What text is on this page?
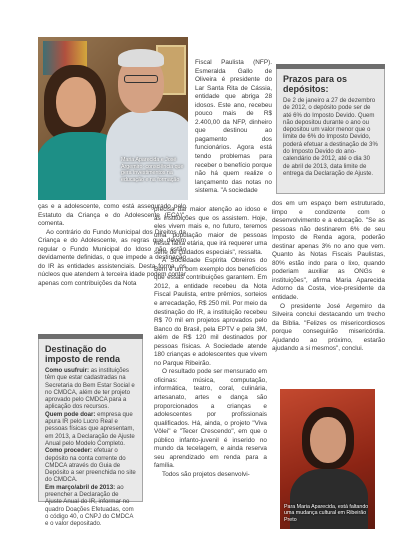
Maria Aparecida e José Argemiro: consciência que gera investimentos na educação e na formação

Fiscal Paulista (NFP). Esmeralda Gallo de Oliveira é presidente do Lar Santa Rita de Cássia, entidade que abriga 28 idosos. Este ano, recebeu pouco mais de R$ 2.400,00 da NFP, dinheiro que destinou ao pagamento dos funcionários. Agora está tendo problemas para receber o benefício porque não há quem realize o lançamento das notas no sistema. "A sociedade

Prazos para os depósitos:
De 2 de janeiro a 27 de dezembro de 2012, o depósito pode ser de até 6% do Imposto Devido. Quem não depositou durante o ano ou depositou um valor menor que o limite de 6% do Imposto Devido, poderá efetuar a destinação de 3% do Imposto Devido do ano-calendário de 2012, até o dia 30 de abril de 2013, data limite de entrega da Declaração de Ajuste.

ças e a adolescente, como está assegurado pelo Estatuto da Criança e do Adolescente (ECA)", comenta.

Ao contrário do Fundo Municipal dos Direitos da Criança e do Adolescente, as regras que devem regular o Fundo Municipal do Idoso não estão devidamente definidas, o que impede a destinação do IR às entidades assistenciais. Desta forma, os núcleos que atendem à terceira idade podem contar apenas com contribuições da Nota

precisa dar maior atenção ao idoso e às instituições que os assistem. Hoje, eles vivem mais e, no futuro, teremos uma população maior de pessoas nesta faixa etária, que irá requerer uma série de cuidados especiais", ressalta.

A Sociedade Espírita Obreiros do Bem é um bom exemplo dos benefícios que essas contribuições garantem. Em 2012, a entidade recebeu da Nota Fiscal Paulista, entre prêmios, sorteios e arrecadação, R$ 250 mil. Por meio da destinação do IR, a instituição recebeu R$ 70 mil em projetos aprovados pelo Banco do Brasil, pela EPTV e pela 3M, além de R$ 120 mil destinados por pessoas físicas. A Sociedade atende 180 crianças e adolescentes que vivem no Parque Ribeirão.

O resultado pode ser mensurado em oficinas: música, computação, informática, teatro, coral, culinária, artesanato, artes e dança são proporcionados a crianças e adolescentes por profissionais qualificados. Há, ainda, o projeto "Viva Vôlei" e "Tecer Crescendo", em que o público infanto-juvenil é inserido no mundo da tecelagem, e ainda reserva seu aprendizado em renda para a família.

Todos são projetos desenvolvi-

dos em um espaço bem estruturado, limpo e condizente com o desenvolvimento e a educação. "Se as pessoas não destinarem 6% de seu Imposto de Renda agora, poderão destinar apenas 3% no ano que vem. Quanto às Notas Fiscais Paulistas, 80% estão indo para o lixo, quando poderiam auxiliar as ONGs e instituições", afirma Maria Aparecida Adorno da Costa, vice-presidente da entidade.

O presidente José Argemiro da Silveira conclui destacando um trecho da Bíblia. "Felizes os misericordiosos porque conseguirão misericórdia. Ajudando ao próximo, estarão ajudando a si mesmos", conclui.

Destinação do imposto de renda
Como usufruir: as instituições têm que estar cadastradas na Secretaria do Bem Estar Social e no CMDCA, além de ter projeto aprovado pelo CMDCA para a aplicação dos recursos.
Quem pode doar: empresa que apura IR pelo Lucro Real e pessoas físicas que apresentam, em 2013, a Declaração de Ajuste Anual pelo Modelo Completo.
Como proceder: efetuar o depósito na conta corrente do CMDCA através do Guia de Depósito a ser preenchida no site do CMDCA.
Em março/abril de 2013: ao preencher a Declaração de Ajuste Anual do IR, informar no quadro Doações Efetuadas, com o código 40, o CNPJ do CMDCA e o valor depositado.
Para Maria Aparecida, está faltando uma mudança cultural em Ribeirão Preto
